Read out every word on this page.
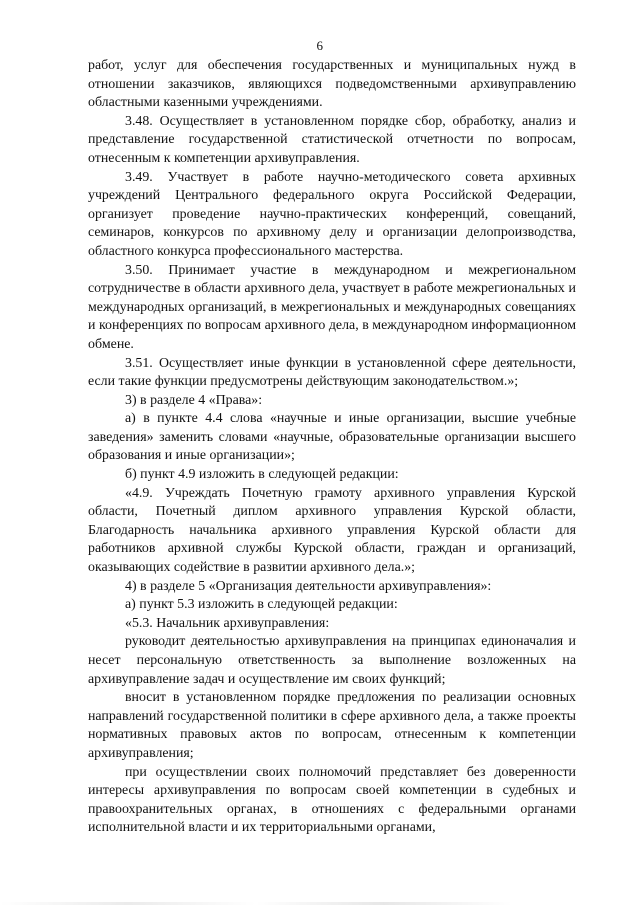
6

работ, услуг для обеспечения государственных и муниципальных нужд в отношении заказчиков, являющихся подведомственными архивуправлению областными казенными учреждениями.

3.48. Осуществляет в установленном порядке сбор, обработку, анализ и представление государственной статистической отчетности по вопросам, отнесенным к компетенции архивуправления.

3.49. Участвует в работе научно-методического совета архивных учреждений Центрального федерального округа Российской Федерации, организует проведение научно-практических конференций, совещаний, семинаров, конкурсов по архивному делу и организации делопроизводства, областного конкурса профессионального мастерства.

3.50. Принимает участие в международном и межрегиональном сотрудничестве в области архивного дела, участвует в работе межрегиональных и международных организаций, в межрегиональных и международных совещаниях и конференциях по вопросам архивного дела, в международном информационном обмене.

3.51. Осуществляет иные функции в установленной сфере деятельности, если такие функции предусмотрены действующим законодательством.»;

3) в разделе 4 «Права»:

а) в пункте 4.4 слова «научные и иные организации, высшие учебные заведения» заменить словами «научные, образовательные организации высшего образования и иные организации»;

б) пункт 4.9 изложить в следующей редакции:

«4.9. Учреждать Почетную грамоту архивного управления Курской области, Почетный диплом архивного управления Курской области, Благодарность начальника архивного управления Курской области для работников архивной службы Курской области, граждан и организаций, оказывающих содействие в развитии архивного дела.»;

4) в разделе 5 «Организация деятельности архивуправления»:

а) пункт 5.3 изложить в следующей редакции:

«5.3. Начальник архивуправления:

руководит деятельностью архивуправления на принципах единоначалия и несет персональную ответственность за выполнение возложенных на архивуправление задач и осуществление им своих функций;

вносит в установленном порядке предложения по реализации основных направлений государственной политики в сфере архивного дела, а также проекты нормативных правовых актов по вопросам, отнесенным к компетенции архивуправления;

при осуществлении своих полномочий представляет без доверенности интересы архивуправления по вопросам своей компетенции в судебных и правоохранительных органах, в отношениях с федеральными органами исполнительной власти и их территориальными органами,
